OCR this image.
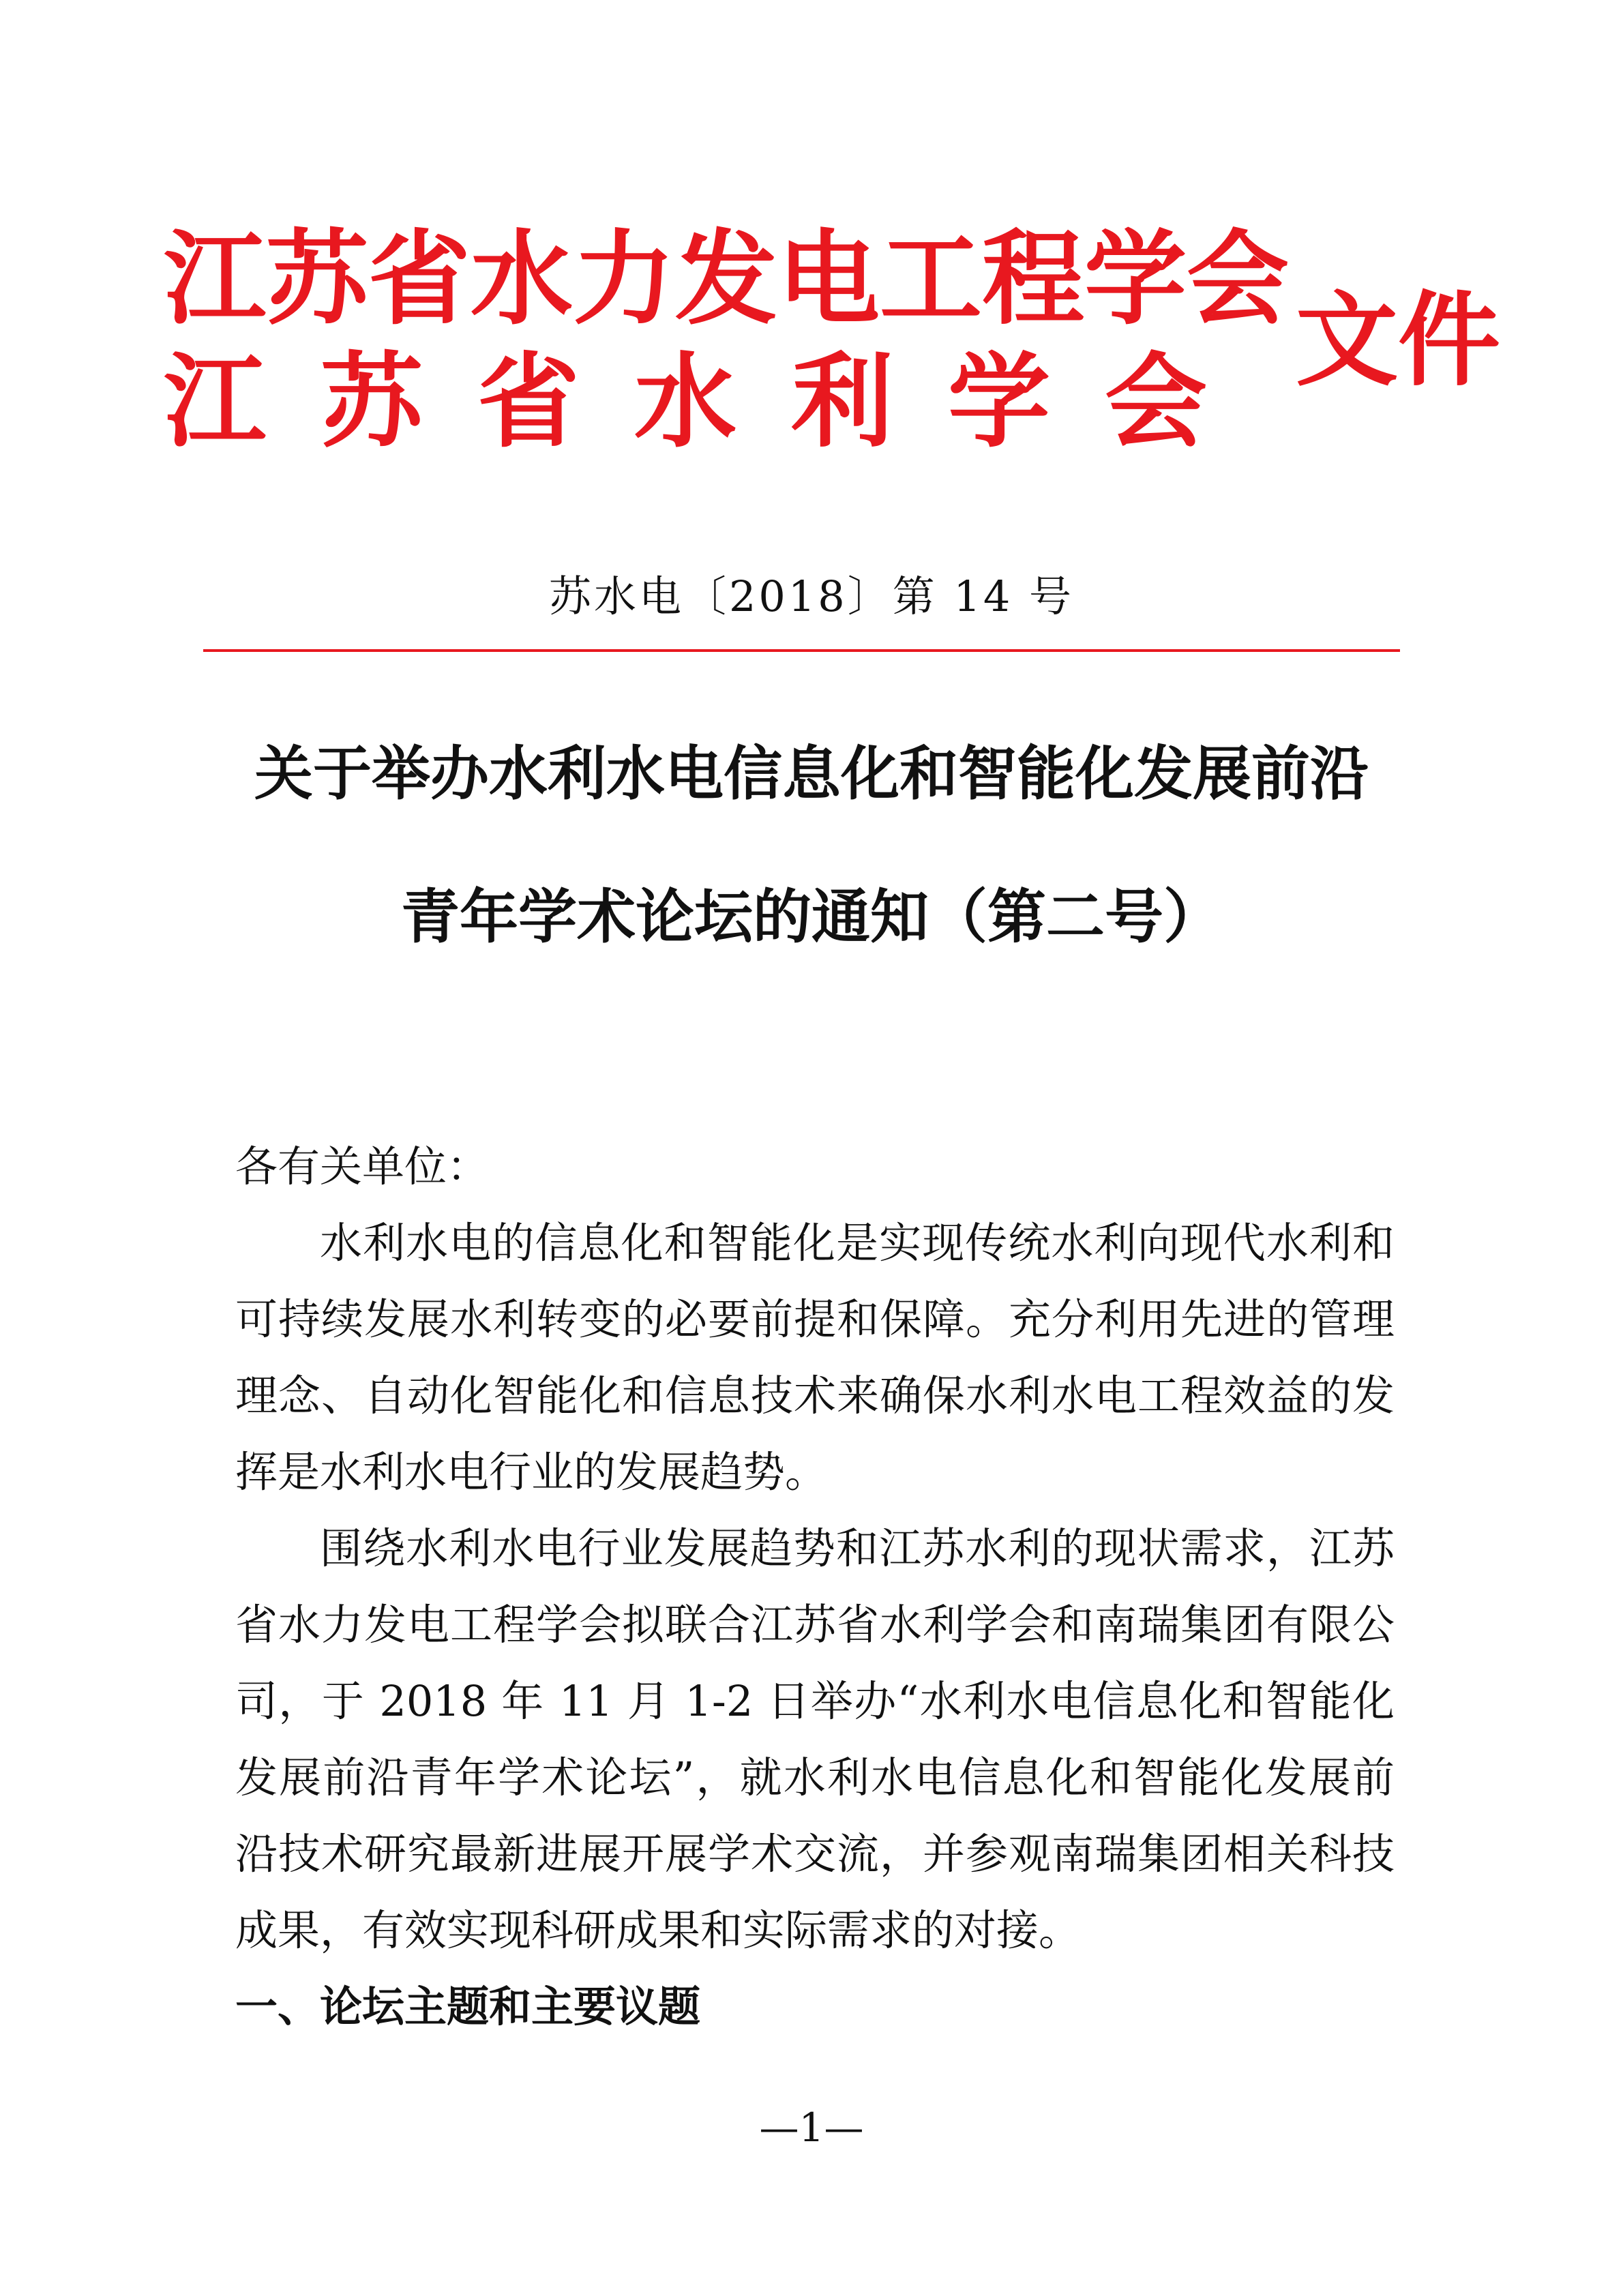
江苏省水力发电工程学会
江 苏 省 水 利 学 会
文件
苏水电〔2018〕第 14 号
关于举办水利水电信息化和智能化发展前沿
青年学术论坛的通知（第二号）

各有关单位：

水利水电的信息化和智能化是实现传统水利向现代水利和可持续发展水利转变的必要前提和保障。充分利用先进的管理理念、自动化智能化和信息技术来确保水利水电工程效益的发挥是水利水电行业的发展趋势。

围绕水利水电行业发展趋势和江苏水利的现状需求，江苏省水力发电工程学会拟联合江苏省水利学会和南瑞集团有限公司，于 2018 年 11 月 1-2 日举办“水利水电信息化和智能化发展前沿青年学术论坛”，就水利水电信息化和智能化发展前沿技术研究最新进展开展学术交流，并参观南瑞集团相关科技成果，有效实现科研成果和实际需求的对接。

一、论坛主题和主要议题

—1—
